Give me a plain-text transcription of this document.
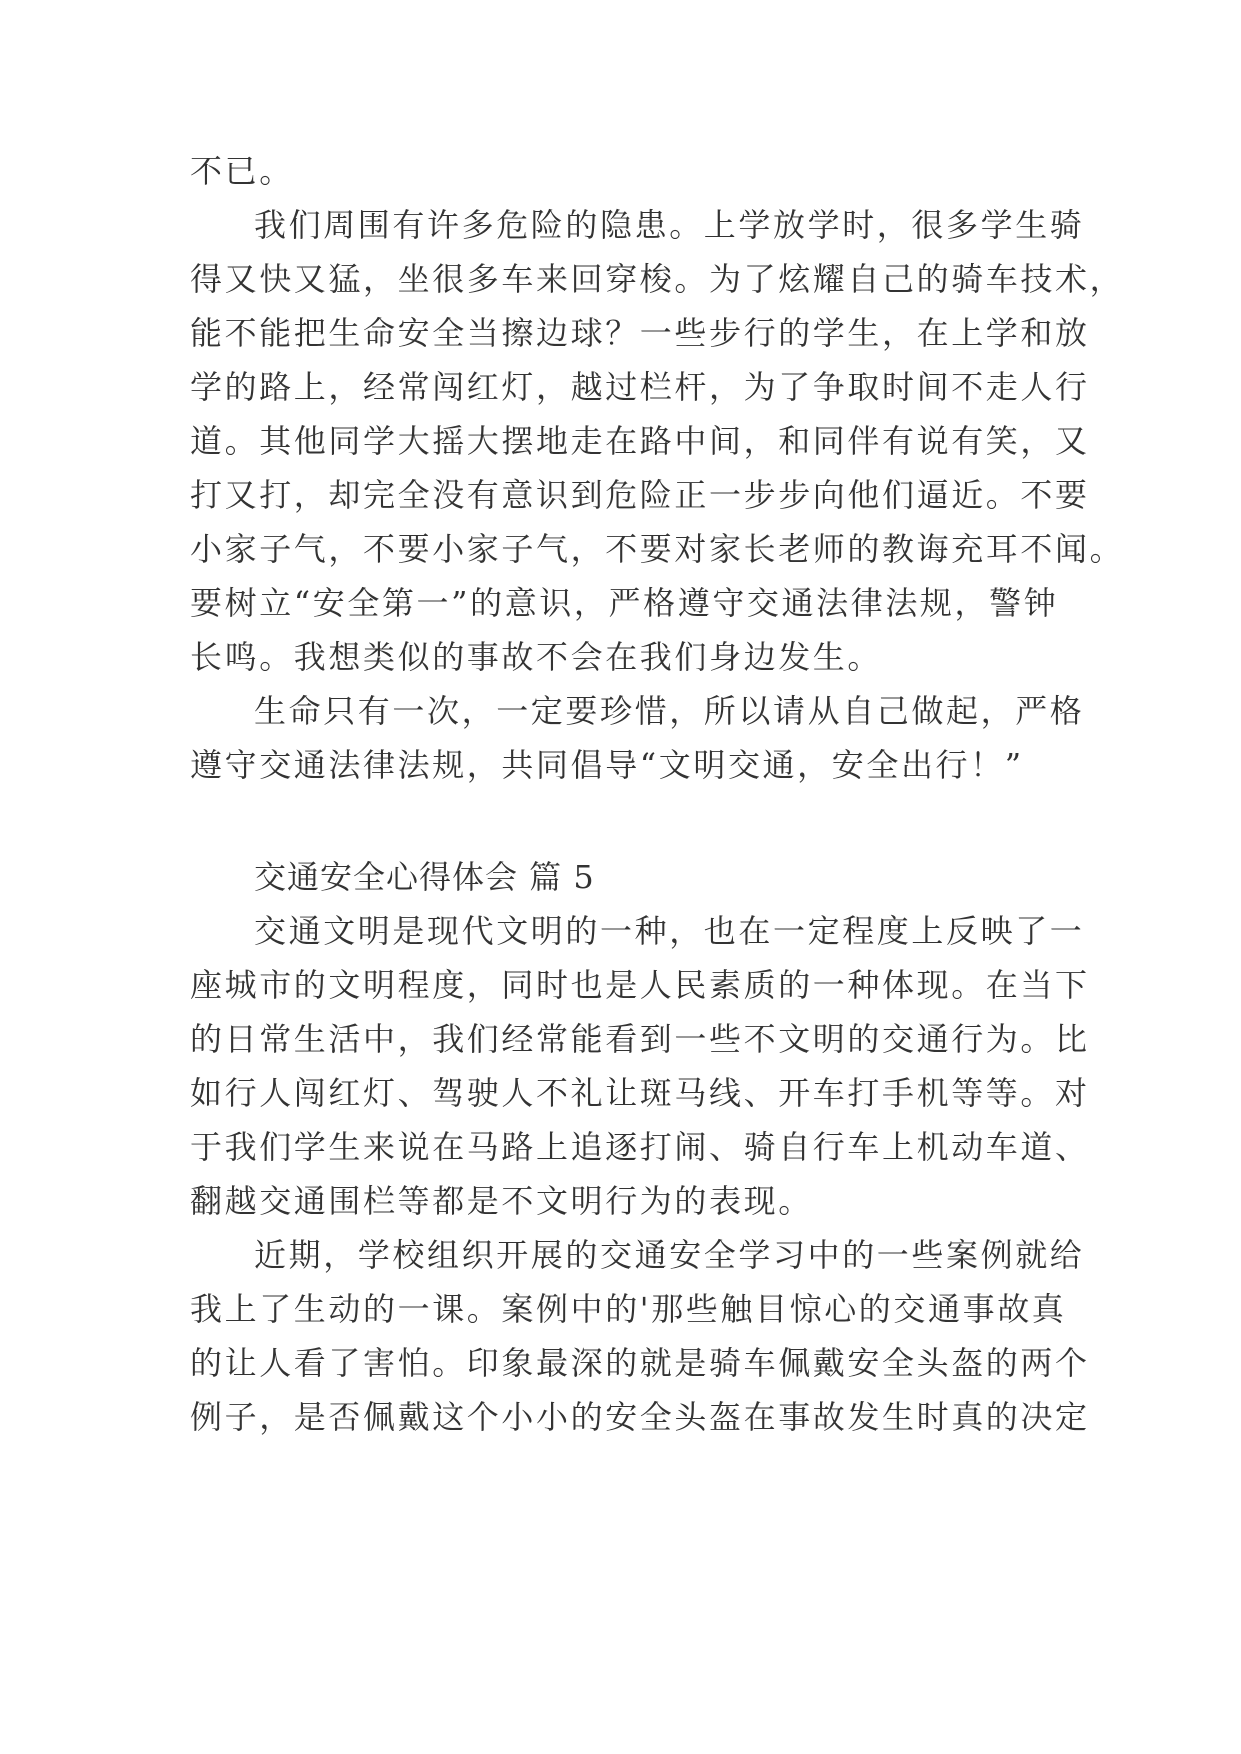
不已。
我们周围有许多危险的隐患。上学放学时，很多学生骑
得又快又猛，坐很多车来回穿梭。为了炫耀自己的骑车技术，
能不能把生命安全当擦边球？一些步行的学生，在上学和放
学的路上，经常闯红灯，越过栏杆，为了争取时间不走人行
道。其他同学大摇大摆地走在路中间，和同伴有说有笑，又
打又打，却完全没有意识到危险正一步步向他们逼近。不要
小家子气，不要小家子气，不要对家长老师的教诲充耳不闻。
要树立“安全第一”的意识，严格遵守交通法律法规，警钟
长鸣。我想类似的事故不会在我们身边发生。
生命只有一次，一定要珍惜，所以请从自己做起，严格
遵守交通法律法规，共同倡导“文明交通，安全出行！”
交通安全心得体会 篇 5
交通文明是现代文明的一种，也在一定程度上反映了一
座城市的文明程度，同时也是人民素质的一种体现。在当下
的日常生活中，我们经常能看到一些不文明的交通行为。比
如行人闯红灯、驾驶人不礼让斑马线、开车打手机等等。对
于我们学生来说在马路上追逐打闹、骑自行车上机动车道、
翻越交通围栏等都是不文明行为的表现。
近期，学校组织开展的交通安全学习中的一些案例就给
我上了生动的一课。案例中的'那些触目惊心的交通事故真
的让人看了害怕。印象最深的就是骑车佩戴安全头盔的两个
例子，是否佩戴这个小小的安全头盔在事故发生时真的决定
